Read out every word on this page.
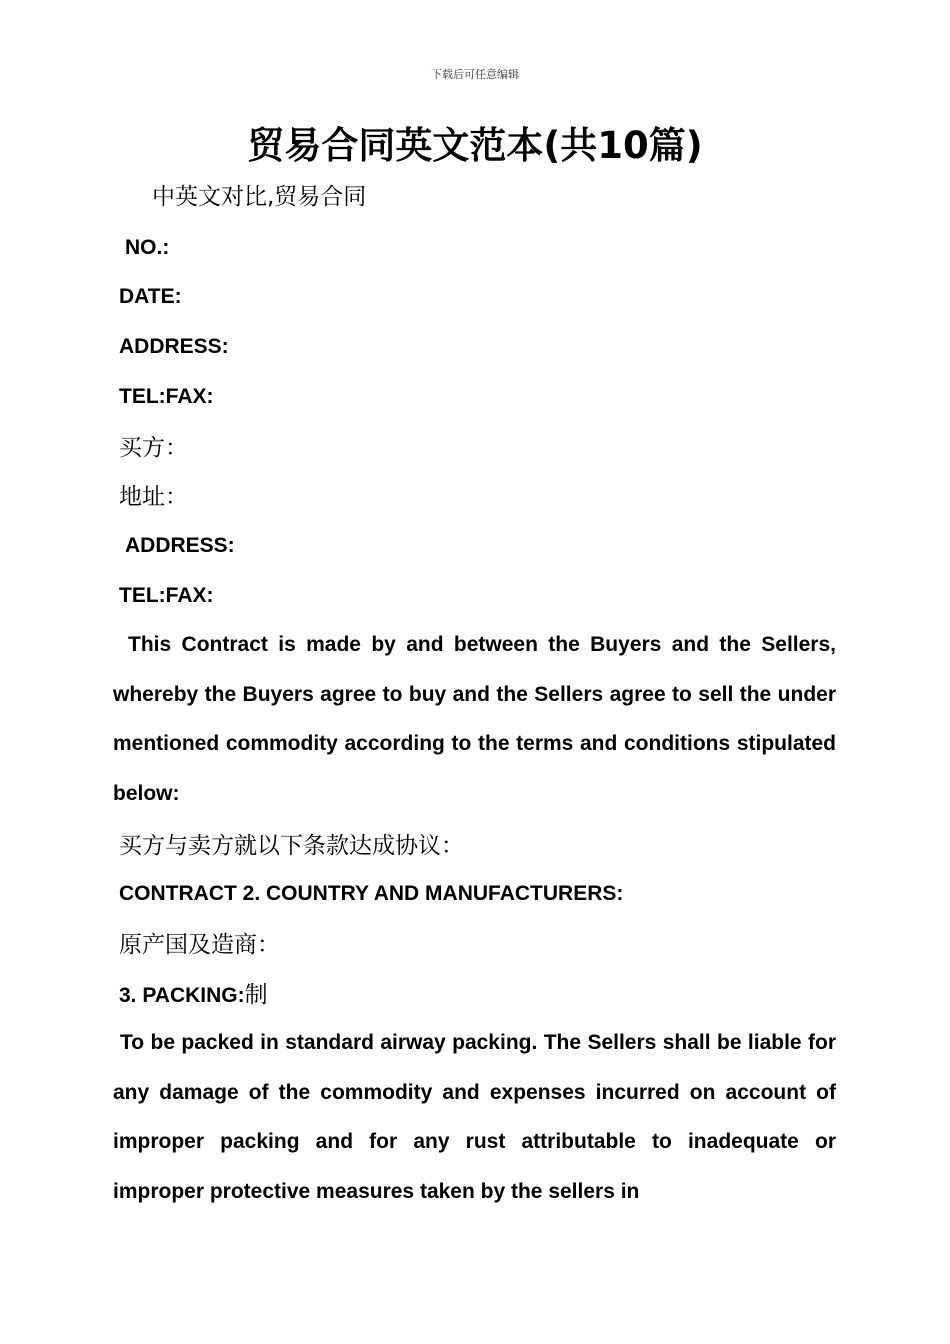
下载后可任意编辑
贸易合同英文范本(共10篇)
中英文对比,贸易合同
NO.:
DATE:
ADDRESS:
TEL:FAX:
买方：
地址：
ADDRESS:
TEL:FAX:

This Contract is made by and between the Buyers and the Sellers, whereby the Buyers agree to buy and the Sellers agree to sell the under mentioned commodity according to the terms and conditions stipulated below:

买方与卖方就以下条款达成协议：
CONTRACT 2. COUNTRY AND MANUFACTURERS:
原产国及造商：
3. PACKING:制

To be packed in standard airway packing. The Sellers shall be liable for any damage of the commodity and expenses incurred on account of improper packing and for any rust attributable to inadequate or improper protective measures taken by the sellers in
